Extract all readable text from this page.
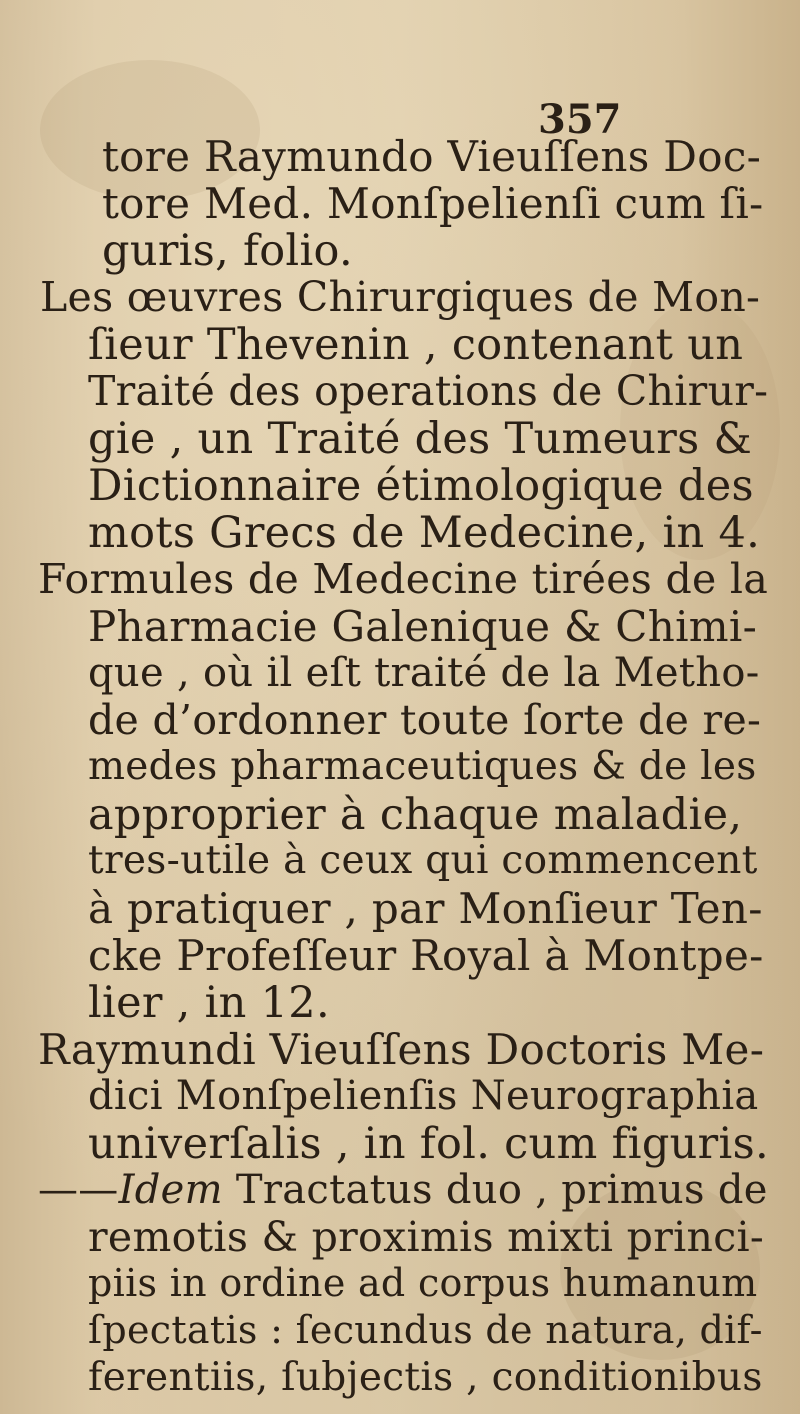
357
tore Raymundo Vieuſſens Doc-
tore Med. Monſpelienſi cum ſi-
guris, folio.
Les œuvres Chirurgiques de Mon-
ſieur Thevenin , contenant un
Traité des operations de Chirur-
gie , un Traité des Tumeurs &
Dictionnaire étimologique des
mots Grecs de Medecine, in 4.
Formules de Medecine tirées de la
Pharmacie Galenique & Chimi-
que , où il eſt traité de la Metho-
de d’ordonner toute ſorte de re-
medes pharmaceutiques & de les
approprier à chaque maladie,
tres-utile à ceux qui commencent
à pratiquer , par Monſieur Ten-
cke Profeſſeur Royal à Montpe-
lier , in 12.
Raymundi Vieuſſens Doctoris Me-
dici Monſpelienſis Neurographia
univerſalis , in fol. cum figuris.
——Idem Tractatus duo , primus de
remotis & proximis mixti princi-
piis in ordine ad corpus humanum
ſpectatis : ſecundus de natura, dif-
ferentiis, ſubjectis , conditionibus
